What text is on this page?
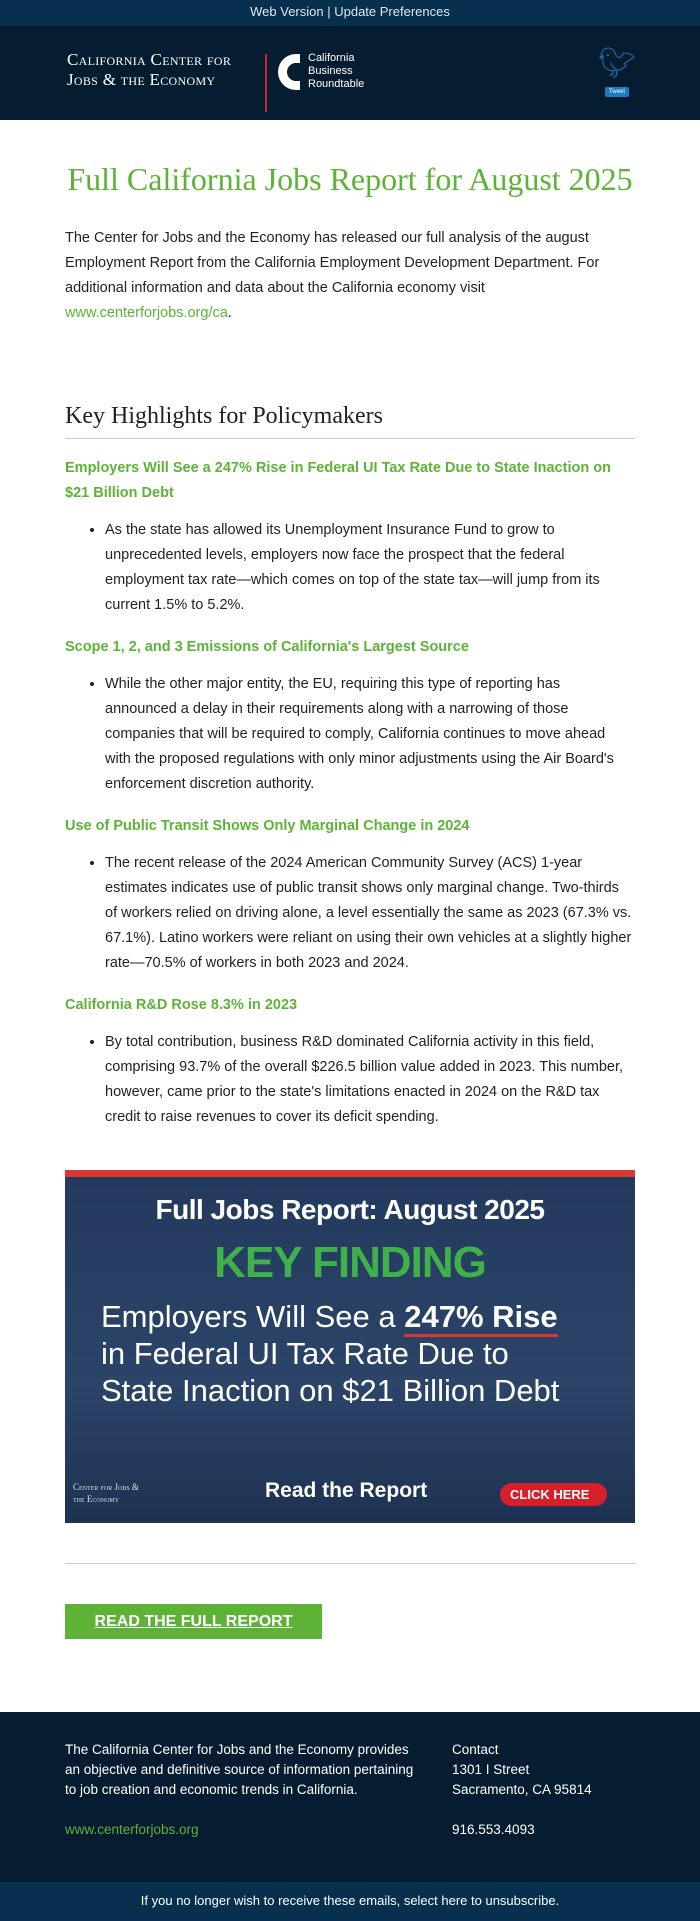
Web Version | Update Preferences
California Center for
Jobs & the Economy
California
Business
Roundtable
🐦︎
Tweet
Full California Jobs Report for August 2025

The Center for Jobs and the Economy has released our full analysis of the august Employment Report from the California Employment Development Department. For additional information and data about the California economy visit www.centerforjobs.org/ca.

Key Highlights for Policymakers
Employers Will See a 247% Rise in Federal UI Tax Rate Due to State Inaction on $21 Billion Debt
• As the state has allowed its Unemployment Insurance Fund to grow to unprecedented levels, employers now face the prospect that the federal employment tax rate—which comes on top of the state tax—will jump from its current 1.5% to 5.2%.
Scope 1, 2, and 3 Emissions of California's Largest Source
• While the other major entity, the EU, requiring this type of reporting has announced a delay in their requirements along with a narrowing of those companies that will be required to comply, California continues to move ahead with the proposed regulations with only minor adjustments using the Air Board's enforcement discretion authority.
Use of Public Transit Shows Only Marginal Change in 2024
• The recent release of the 2024 American Community Survey (ACS) 1-year estimates indicates use of public transit shows only marginal change. Two-thirds of workers relied on driving alone, a level essentially the same as 2023 (67.3% vs. 67.1%). Latino workers were reliant on using their own vehicles at a slightly higher rate—70.5% of workers in both 2023 and 2024.
California R&D Rose 8.3% in 2023
• By total contribution, business R&D dominated California activity in this field, comprising 93.7% of the overall $226.5 billion value added in 2023. This number, however, came prior to the state's limitations enacted in 2024 on the R&D tax credit to raise revenues to cover its deficit spending.
Full Jobs Report: August 2025
KEY FINDING
Employers Will See a 247% Rise
in Federal UI Tax Rate Due to
State Inaction on $21 Billion Debt
Center for Jobs &
the Economy	Read the Report	CLICK HERE
READ THE FULL REPORT

The California Center for Jobs and the Economy provides an objective and definitive source of information pertaining to job creation and economic trends in California.

www.centerforjobs.org

Contact
1301 I Street
Sacramento, CA 95814
916.553.4093
If you no longer wish to receive these emails, select here to unsubscribe.
